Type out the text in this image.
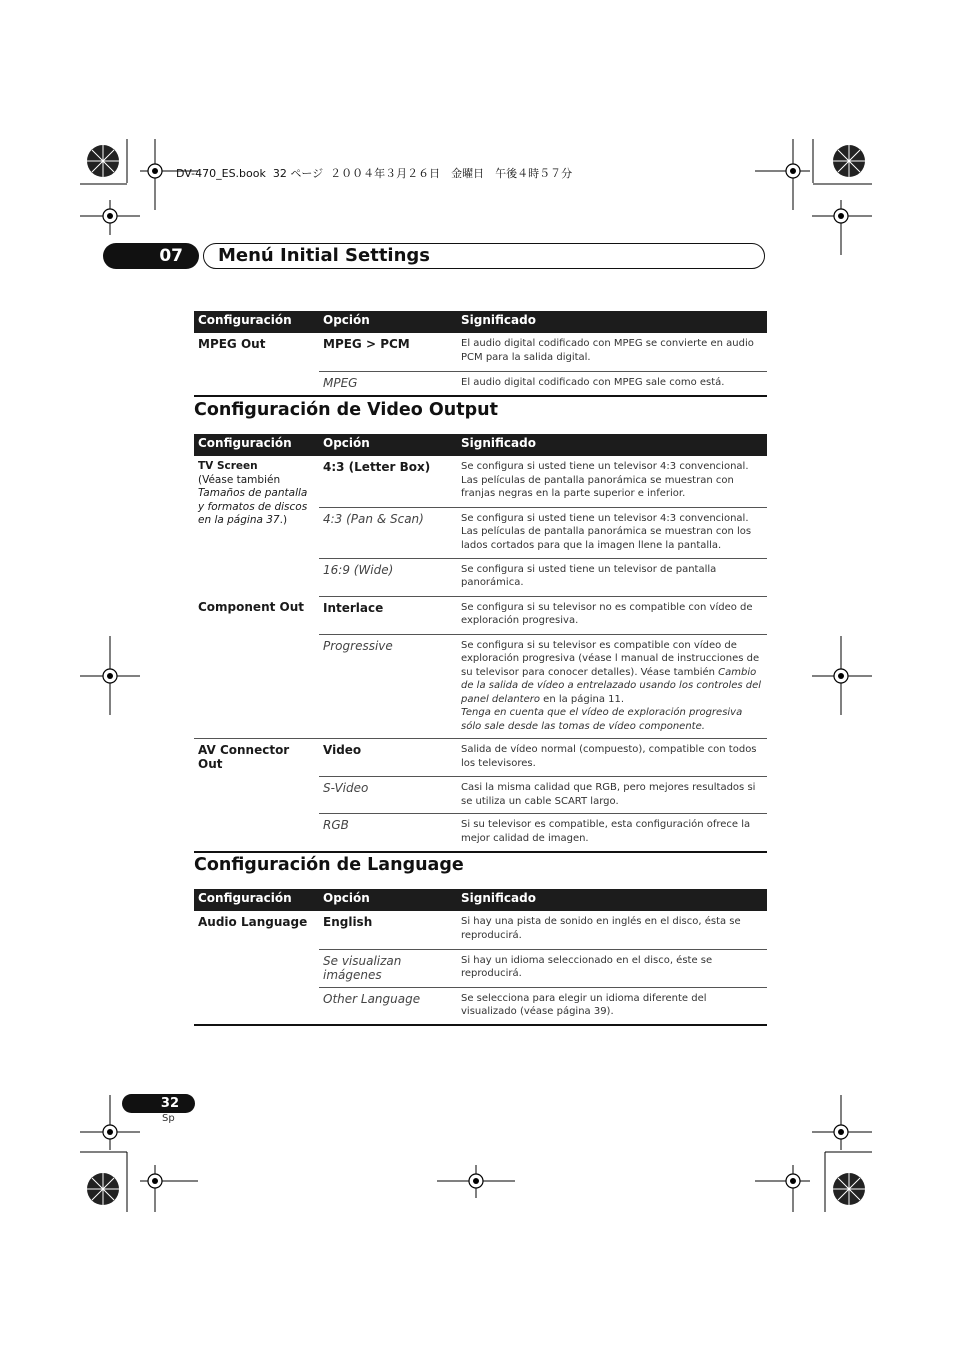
DV-470_ES.book  32 ページ  ２００４年３月２６日　金曜日　午後４時５７分
07	Menú Initial Settings
Configuración	Opción	Significado
MPEG Out	MPEG > PCM	El audio digital codificado con MPEG se convierte en audio PCM para la salida digital.
	MPEG	El audio digital codificado con MPEG sale como está.
Configuración de Video Output
Configuración	Opción	Significado
TV Screen
(Véase también Tamaños de pantalla y formatos de discos en la página 37.)	4:3 (Letter Box)	Se configura si usted tiene un televisor 4:3 convencional. Las películas de pantalla panorámica se muestran con franjas negras en la parte superior e inferior.
	4:3 (Pan & Scan)	Se configura si usted tiene un televisor 4:3 convencional. Las películas de pantalla panorámica se muestran con los lados cortados para que la imagen llene la pantalla.
	16:9 (Wide)	Se configura si usted tiene un televisor de pantalla panorámica.
Component Out	Interlace	Se configura si su televisor no es compatible con vídeo de exploración progresiva.
	Progressive	Se configura si su televisor es compatible con vídeo de exploración progresiva (véase l manual de instrucciones de su televisor para conocer detalles). Véase también Cambio de la salida de vídeo a entrelazado usando los controles del panel delantero en la página 11.
Tenga en cuenta que el vídeo de exploración progresiva sólo sale desde las tomas de vídeo componente.
AV Connector Out	Video	Salida de vídeo normal (compuesto), compatible con todos los televisores.
	S-Video	Casi la misma calidad que RGB, pero mejores resultados si se utiliza un cable SCART largo.
	RGB	Si su televisor es compatible, esta configuración ofrece la mejor calidad de imagen.
Configuración de Language
Configuración	Opción	Significado
Audio Language	English	Si hay una pista de sonido en inglés en el disco, ésta se reproducirá.
	Se visualizan imágenes	Si hay un idioma seleccionado en el disco, éste se reproducirá.
	Other Language	Se selecciona para elegir un idioma diferente del visualizado (véase página 39).
32
Sp
